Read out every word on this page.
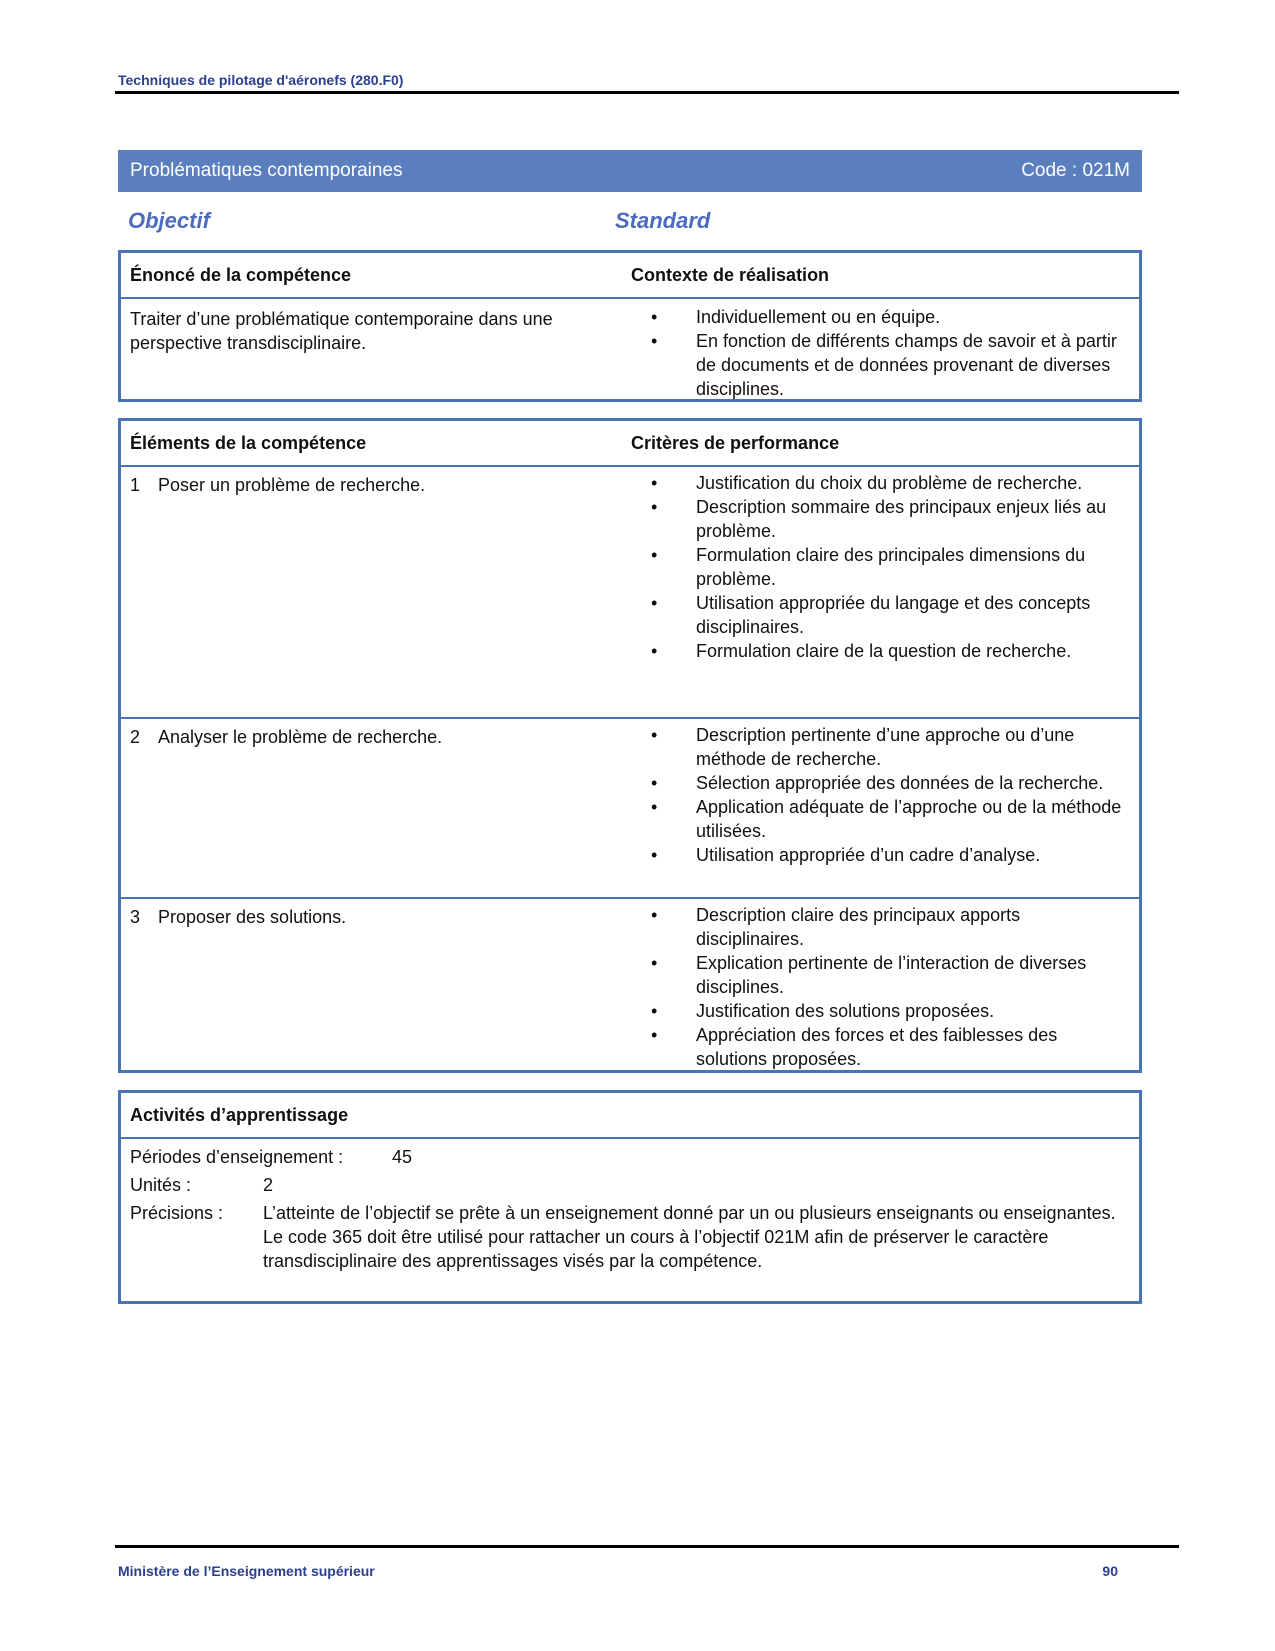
Techniques de pilotage d'aéronefs (280.F0)
Problématiques contemporaines	Code : 021M
Objectif	Standard
Énoncé de la compétence	Contexte de réalisation
Traiter d’une problématique contemporaine dans une perspective transdisciplinaire.
• Individuellement ou en équipe.
• En fonction de différents champs de savoir et à partir de documents et de données provenant de diverses disciplines.
Éléments de la compétence	Critères de performance
1 Poser un problème de recherche.	• Justification du choix du problème de recherche.
• Description sommaire des principaux enjeux liés au problème.
• Formulation claire des principales dimensions du problème.
• Utilisation appropriée du langage et des concepts disciplinaires.
• Formulation claire de la question de recherche.
2 Analyser le problème de recherche.	• Description pertinente d’une approche ou d’une méthode de recherche.
• Sélection appropriée des données de la recherche.
• Application adéquate de l’approche ou de la méthode utilisées.
• Utilisation appropriée d’un cadre d’analyse.
3 Proposer des solutions.	• Description claire des principaux apports disciplinaires.
• Explication pertinente de l’interaction de diverses disciplines.
• Justification des solutions proposées.
• Appréciation des forces et des faiblesses des solutions proposées.
Activités d’apprentissage
Périodes d’enseignement :	45
Unités :	2
Précisions :	L’atteinte de l’objectif se prête à un enseignement donné par un ou plusieurs enseignants ou enseignantes.
Le code 365 doit être utilisé pour rattacher un cours à l’objectif 021M afin de préserver le caractère transdisciplinaire des apprentissages visés par la compétence.
Ministère de l’Enseignement supérieur	90
